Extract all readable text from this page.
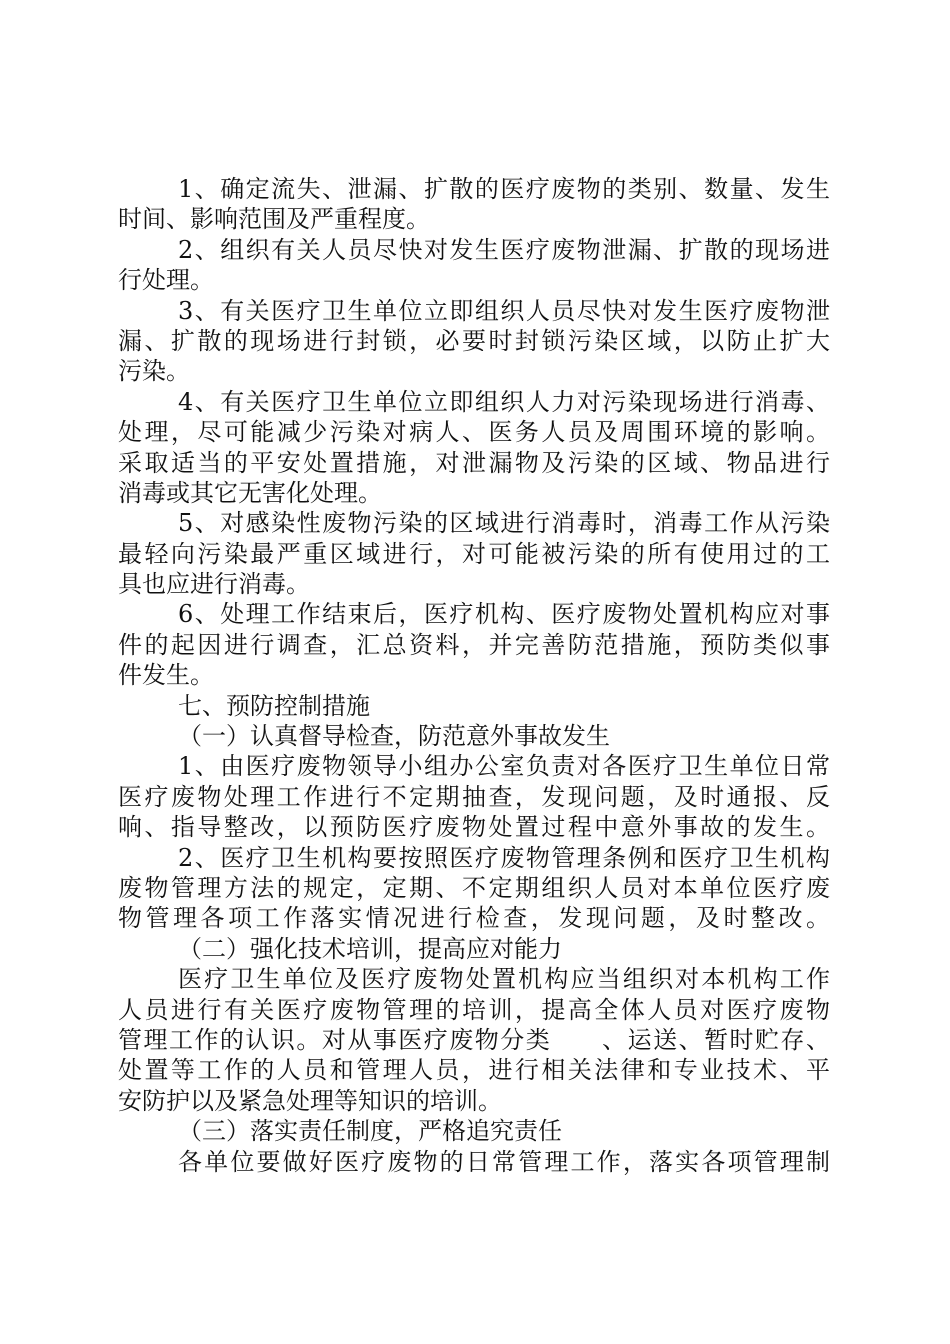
1、确定流失、泄漏、扩散的医疗废物的类别、数量、发生
时间、影响范围及严重程度。
2、组织有关人员尽快对发生医疗废物泄漏、扩散的现场进
行处理。
3、有关医疗卫生单位立即组织人员尽快对发生医疗废物泄
漏、扩散的现场进行封锁，必要时封锁污染区域，以防止扩大
污染。
4、有关医疗卫生单位立即组织人力对污染现场进行消毒、
处理，尽可能减少污染对病人、医务人员及周围环境的影响。
采取适当的平安处置措施，对泄漏物及污染的区域、物品进行
消毒或其它无害化处理。
5、对感染性废物污染的区域进行消毒时，消毒工作从污染
最轻向污染最严重区域进行，对可能被污染的所有使用过的工
具也应进行消毒。
6、处理工作结束后，医疗机构、医疗废物处置机构应对事
件的起因进行调查，汇总资料，并完善防范措施，预防类似事
件发生。
七、预防控制措施
（一）认真督导检查，防范意外事故发生
1、由医疗废物领导小组办公室负责对各医疗卫生单位日常
医疗废物处理工作进行不定期抽查，发现问题，及时通报、反
响、指导整改，以预防医疗废物处置过程中意外事故的发生。
2、医疗卫生机构要按照医疗废物管理条例和医疗卫生机构
废物管理方法的规定，定期、不定期组织人员对本单位医疗废
物管理各项工作落实情况进行检查，发现问题，及时整改。
（二）强化技术培训，提高应对能力
医疗卫生单位及医疗废物处置机构应当组织对本机构工作
人员进行有关医疗废物管理的培训，提高全体人员对医疗废物
管理工作的认识。对从事医疗废物分类　　、运送、暂时贮存、
处置等工作的人员和管理人员，进行相关法律和专业技术、平
安防护以及紧急处理等知识的培训。
（三）落实责任制度，严格追究责任
各单位要做好医疗废物的日常管理工作，落实各项管理制
